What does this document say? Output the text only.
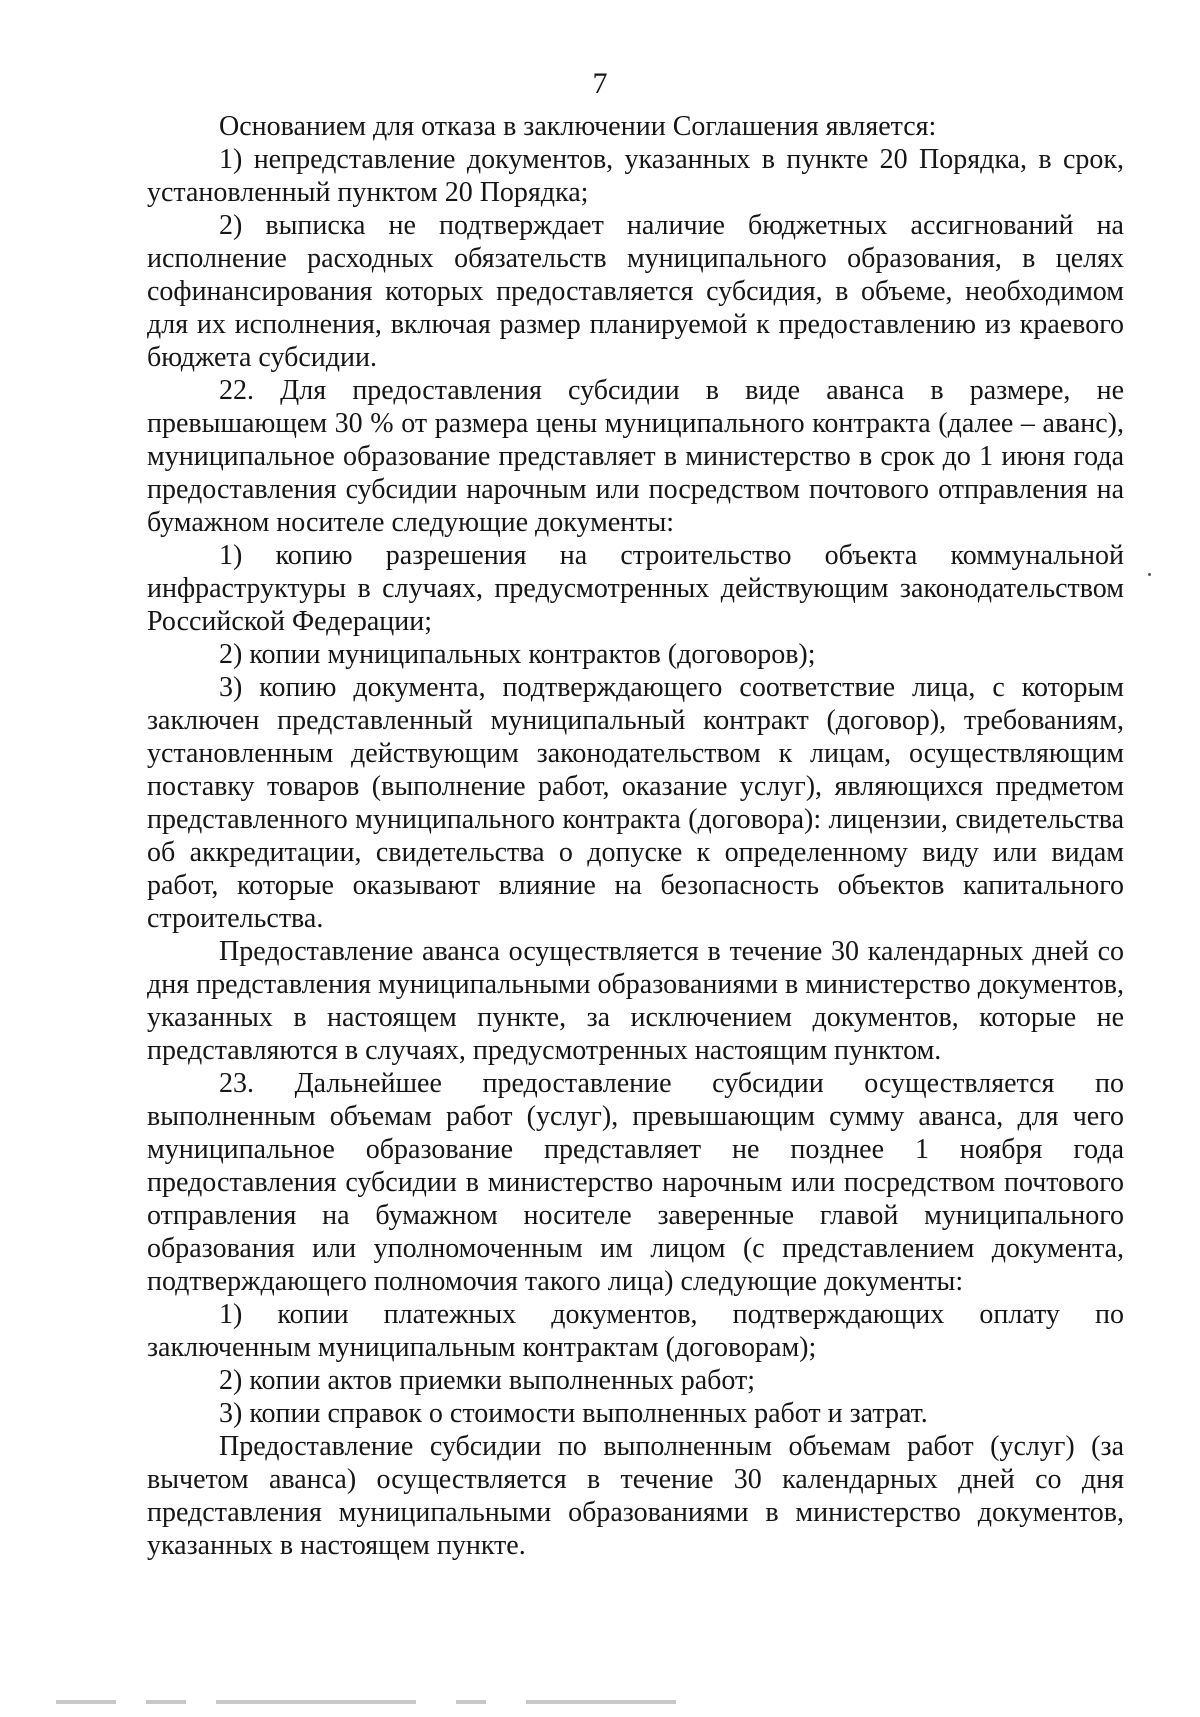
7

Основанием для отказа в заключении Соглашения является:

1) непредставление документов, указанных в пункте 20 Порядка, в срок, установленный пунктом 20 Порядка;

2) выписка не подтверждает наличие бюджетных ассигнований на исполнение расходных обязательств муниципального образования, в целях софинансирования которых предоставляется субсидия, в объеме, необходимом для их исполнения, включая размер планируемой к предоставлению из краевого бюджета субсидии.

22. Для предоставления субсидии в виде аванса в размере, не превышающем 30 % от размера цены муниципального контракта (далее – аванс), муниципальное образование представляет в министерство в срок до 1 июня года предоставления субсидии нарочным или посредством почтового отправления на бумажном носителе следующие документы:

1) копию разрешения на строительство объекта коммунальной инфраструктуры в случаях, предусмотренных действующим законодательством Российской Федерации;

2) копии муниципальных контрактов (договоров);

3) копию документа, подтверждающего соответствие лица, с которым заключен представленный муниципальный контракт (договор), требованиям, установленным действующим законодательством к лицам, осуществляющим поставку товаров (выполнение работ, оказание услуг), являющихся предметом представленного муниципального контракта (договора): лицензии, свидетельства об аккредитации, свидетельства о допуске к определенному виду или видам работ, которые оказывают влияние на безопасность объектов капитального строительства.

Предоставление аванса осуществляется в течение 30 календарных дней со дня представления муниципальными образованиями в министерство документов, указанных в настоящем пункте, за исключением документов, которые не представляются в случаях, предусмотренных настоящим пунктом.

23. Дальнейшее предоставление субсидии осуществляется по выполненным объемам работ (услуг), превышающим сумму аванса, для чего муниципальное образование представляет не позднее 1 ноября года предоставления субсидии в министерство нарочным или посредством почтового отправления на бумажном носителе заверенные главой муниципального образования или уполномоченным им лицом (с представлением документа, подтверждающего полномочия такого лица) следующие документы:

1) копии платежных документов, подтверждающих оплату по заключенным муниципальным контрактам (договорам);

2) копии актов приемки выполненных работ;

3) копии справок о стоимости выполненных работ и затрат.

Предоставление субсидии по выполненным объемам работ (услуг) (за вычетом аванса) осуществляется в течение 30 календарных дней со дня представления муниципальными образованиями в министерство документов, указанных в настоящем пункте.
